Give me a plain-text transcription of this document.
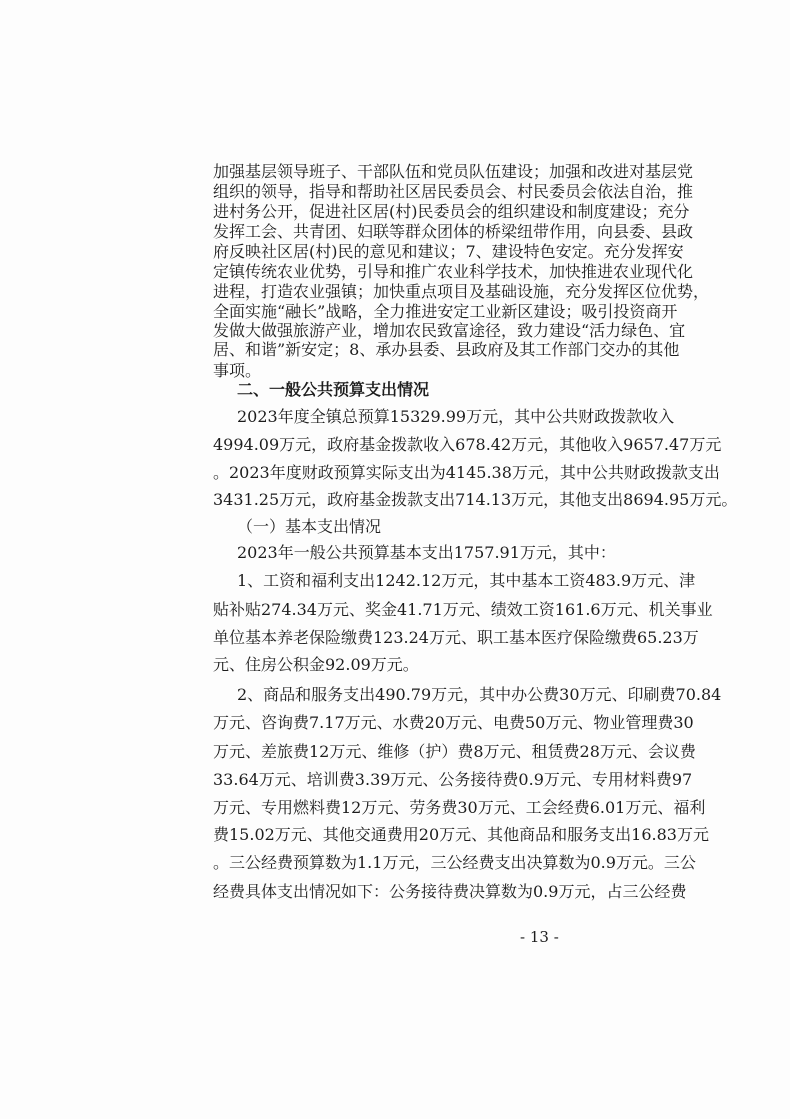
加强基层领导班子、干部队伍和党员队伍建设；加强和改进对基层党
组织的领导，指导和帮助社区居民委员会、村民委员会依法自治，推
进村务公开，促进社区居(村)民委员会的组织建设和制度建设；充分
发挥工会、共青团、妇联等群众团体的桥梁纽带作用，向县委、县政
府反映社区居(村)民的意见和建议；7、建设特色安定。充分发挥安
定镇传统农业优势，引导和推广农业科学技术，加快推进农业现代化
进程，打造农业强镇；加快重点项目及基础设施，充分发挥区位优势，
全面实施“融长”战略，全力推进安定工业新区建设；吸引投资商开
发做大做强旅游产业，增加农民致富途径，致力建设“活力绿色、宜
居、和谐”新安定；8、承办县委、县政府及其工作部门交办的其他
事项。
二、一般公共预算支出情况
2023年度全镇总预算15329.99万元，其中公共财政拨款收入
4994.09万元，政府基金拨款收入678.42万元，其他收入9657.47万元
。2023年度财政预算实际支出为4145.38万元，其中公共财政拨款支出
3431.25万元，政府基金拨款支出714.13万元，其他支出8694.95万元。
（一）基本支出情况
2023年一般公共预算基本支出1757.91万元，其中：
1、工资和福利支出1242.12万元，其中基本工资483.9万元、津
贴补贴274.34万元、奖金41.71万元、绩效工资161.6万元、机关事业
单位基本养老保险缴费123.24万元、职工基本医疗保险缴费65.23万
元、住房公积金92.09万元。
2、商品和服务支出490.79万元，其中办公费30万元、印刷费70.84
万元、咨询费7.17万元、水费20万元、电费50万元、物业管理费30
万元、差旅费12万元、维修（护）费8万元、租赁费28万元、会议费
33.64万元、培训费3.39万元、公务接待费0.9万元、专用材料费97
万元、专用燃料费12万元、劳务费30万元、工会经费6.01万元、福利
费15.02万元、其他交通费用20万元、其他商品和服务支出16.83万元
。三公经费预算数为1.1万元，三公经费支出决算数为0.9万元。三公
经费具体支出情况如下：公务接待费决算数为0.9万元，占三公经费
- 13 -
